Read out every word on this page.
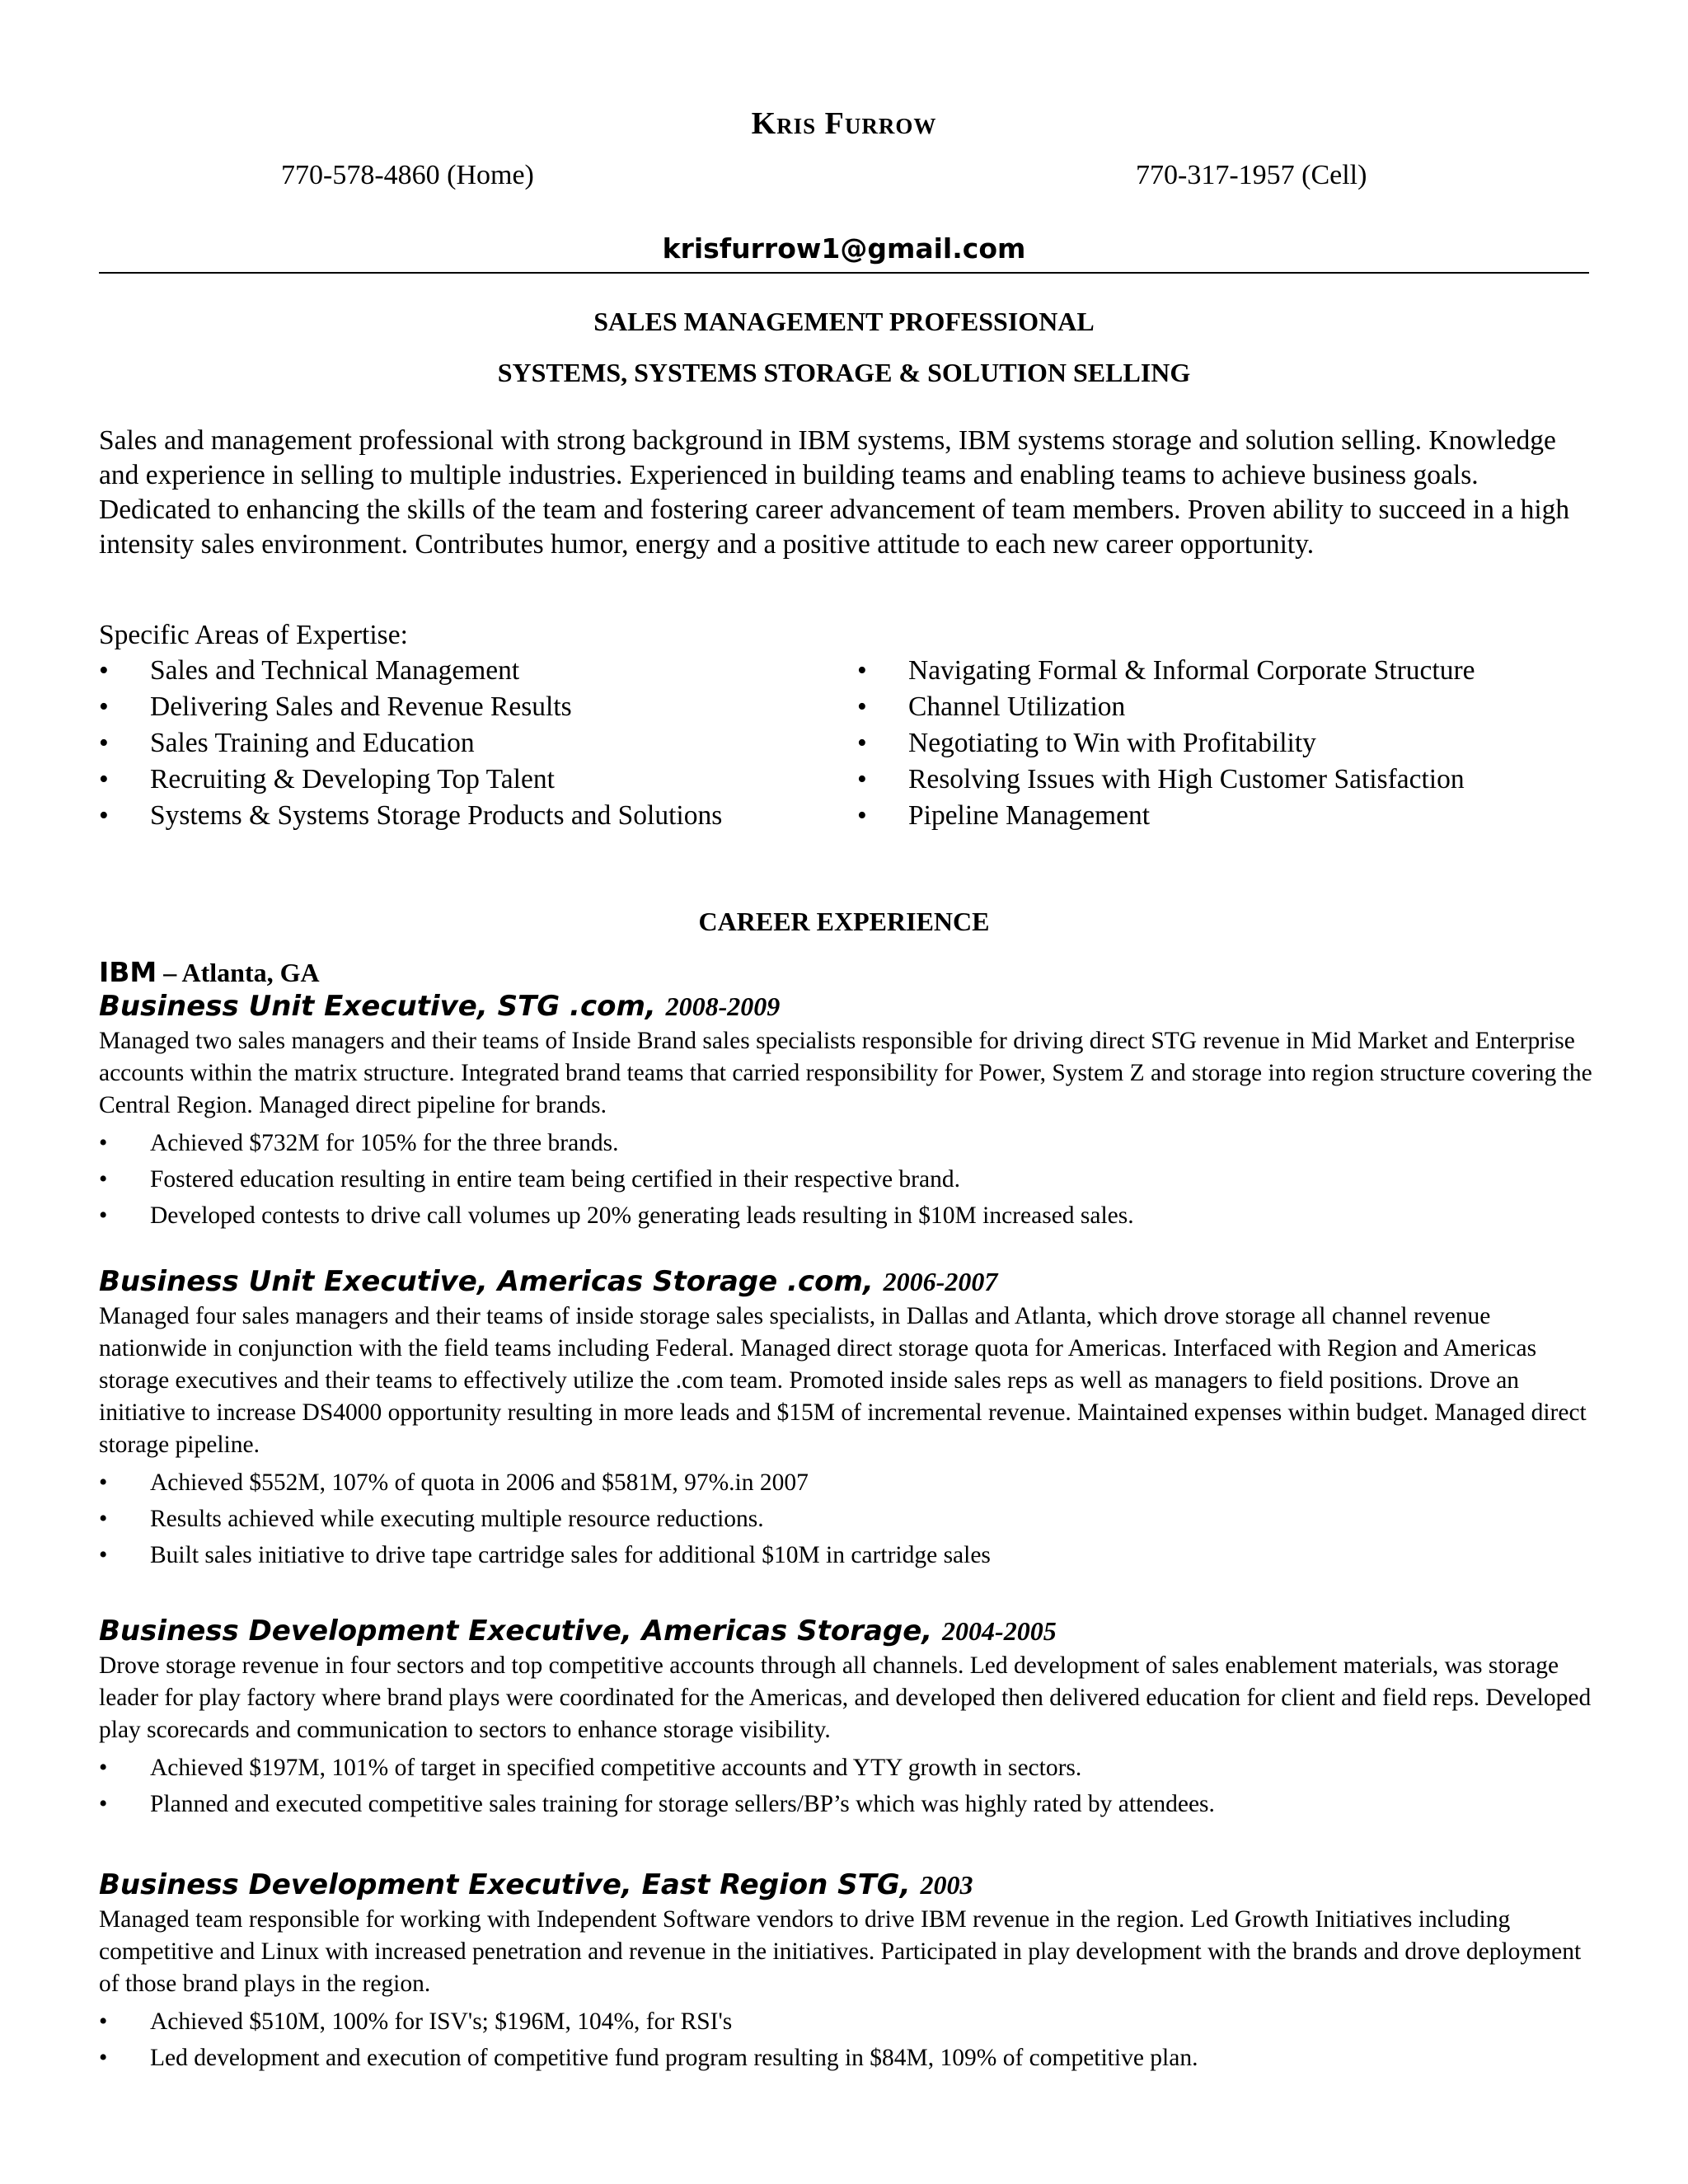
Kris Furrow
770-578-4860 (Home)	770-317-1957 (Cell)
krisfurrow1@gmail.com
SALES MANAGEMENT PROFESSIONAL
SYSTEMS, SYSTEMS STORAGE & SOLUTION SELLING

Sales and management professional with strong background in IBM systems, IBM systems storage and solution selling. Knowledge and experience in selling to multiple industries. Experienced in building teams and enabling teams to achieve business goals. Dedicated to enhancing the skills of the team and fostering career advancement of team members. Proven ability to succeed in a high intensity sales environment. Contributes humor, energy and a positive attitude to each new career opportunity.

Specific Areas of Expertise:
• Sales and Technical Management
• Delivering Sales and Revenue Results
• Sales Training and Education
• Recruiting & Developing Top Talent
• Systems & Systems Storage Products and Solutions
• Navigating Formal & Informal Corporate Structure
• Channel Utilization
• Negotiating to Win with Profitability
• Resolving Issues with High Customer Satisfaction
• Pipeline Management
CAREER EXPERIENCE
IBM – Atlanta, GA
Business Unit Executive, STG .com, 2008-2009

Managed two sales managers and their teams of Inside Brand sales specialists responsible for driving direct STG revenue in Mid Market and Enterprise accounts within the matrix structure. Integrated brand teams that carried responsibility for Power, System Z and storage into region structure covering the Central Region. Managed direct pipeline for brands.

• Achieved $732M for 105% for the three brands.
• Fostered education resulting in entire team being certified in their respective brand.
• Developed contests to drive call volumes up 20% generating leads resulting in $10M increased sales.
Business Unit Executive, Americas Storage .com, 2006-2007

Managed four sales managers and their teams of inside storage sales specialists, in Dallas and Atlanta, which drove storage all channel revenue nationwide in conjunction with the field teams including Federal. Managed direct storage quota for Americas. Interfaced with Region and Americas storage executives and their teams to effectively utilize the .com team. Promoted inside sales reps as well as managers to field positions. Drove an initiative to increase DS4000 opportunity resulting in more leads and $15M of incremental revenue. Maintained expenses within budget. Managed direct storage pipeline.

• Achieved $552M, 107% of quota in 2006 and $581M, 97%.in 2007
• Results achieved while executing multiple resource reductions.
• Built sales initiative to drive tape cartridge sales for additional $10M in cartridge sales
Business Development Executive, Americas Storage, 2004-2005

Drove storage revenue in four sectors and top competitive accounts through all channels. Led development of sales enablement materials, was storage leader for play factory where brand plays were coordinated for the Americas, and developed then delivered education for client and field reps. Developed play scorecards and communication to sectors to enhance storage visibility.

• Achieved $197M, 101% of target in specified competitive accounts and YTY growth in sectors.
• Planned and executed competitive sales training for storage sellers/BP’s which was highly rated by attendees.
Business Development Executive, East Region STG, 2003

Managed team responsible for working with Independent Software vendors to drive IBM revenue in the region. Led Growth Initiatives including competitive and Linux with increased penetration and revenue in the initiatives. Participated in play development with the brands and drove deployment of those brand plays in the region.

• Achieved $510M, 100% for ISV's; $196M, 104%, for RSI's
• Led development and execution of competitive fund program resulting in $84M, 109% of competitive plan.
